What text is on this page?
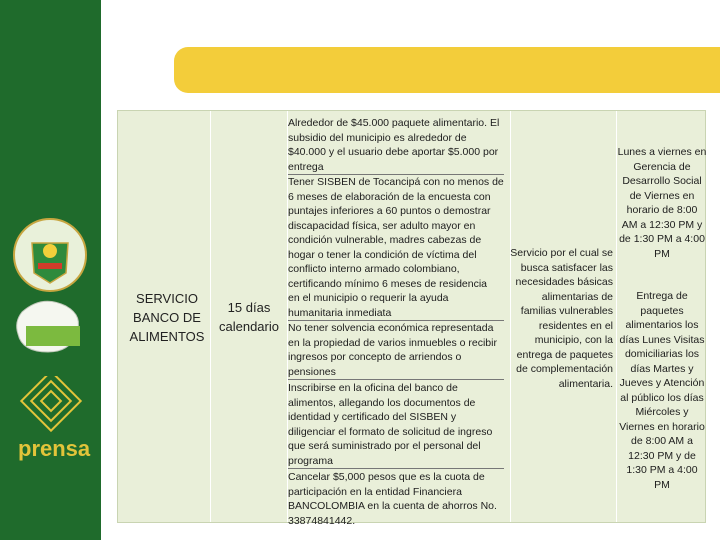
prensa
SERVICIO
BANCO DE
ALIMENTOS
15 días
calendario
Alrededor de $45.000 paquete alimentario. El
subsidio del municipio es alrededor de
$40.000 y el usuario debe aportar $5.000 por
entrega
Tener SISBEN de Tocancipá con no menos de
6 meses de elaboración de la encuesta con
puntajes inferiores a 60 puntos o demostrar
discapacidad física, ser adulto mayor en
condición vulnerable, madres cabezas de
hogar o tener la condición de víctima del
conflicto interno armado colombiano,
certificando mínimo 6 meses de residencia
en el municipio o requerir la ayuda
humanitaria inmediata
No tener solvencia económica representada
en la propiedad de varios inmuebles o recibir
ingresos por concepto de arriendos o
pensiones
Inscribirse en la oficina del banco de
alimentos, allegando los documentos de
identidad y certificado del SISBEN y
diligenciar el formato de solicitud de ingreso
que será suministrado por el personal del
programa
Cancelar $5,000 pesos que es la cuota de
participación en la entidad Financiera
BANCOLOMBIA en la cuenta de ahorros No.
33874841442.
Servicio por el cual se
busca satisfacer las
necesidades básicas
alimentarias de
familias vulnerables
residentes en el
municipio, con la
entrega de paquetes
de complementación
alimentaria.
Lunes a viernes en
Gerencia de
Desarrollo Social
de Viernes en
horario de 8:00
AM a 12:30 PM y
de 1:30 PM a 4:00
PM
Entrega de
paquetes
alimentarios los
días Lunes Visitas
domiciliarias los
días Martes y
Jueves y Atención
al público los días
Miércoles y
Viernes en horario
de 8:00 AM a
12:30 PM y de
1:30 PM a 4:00
PM
